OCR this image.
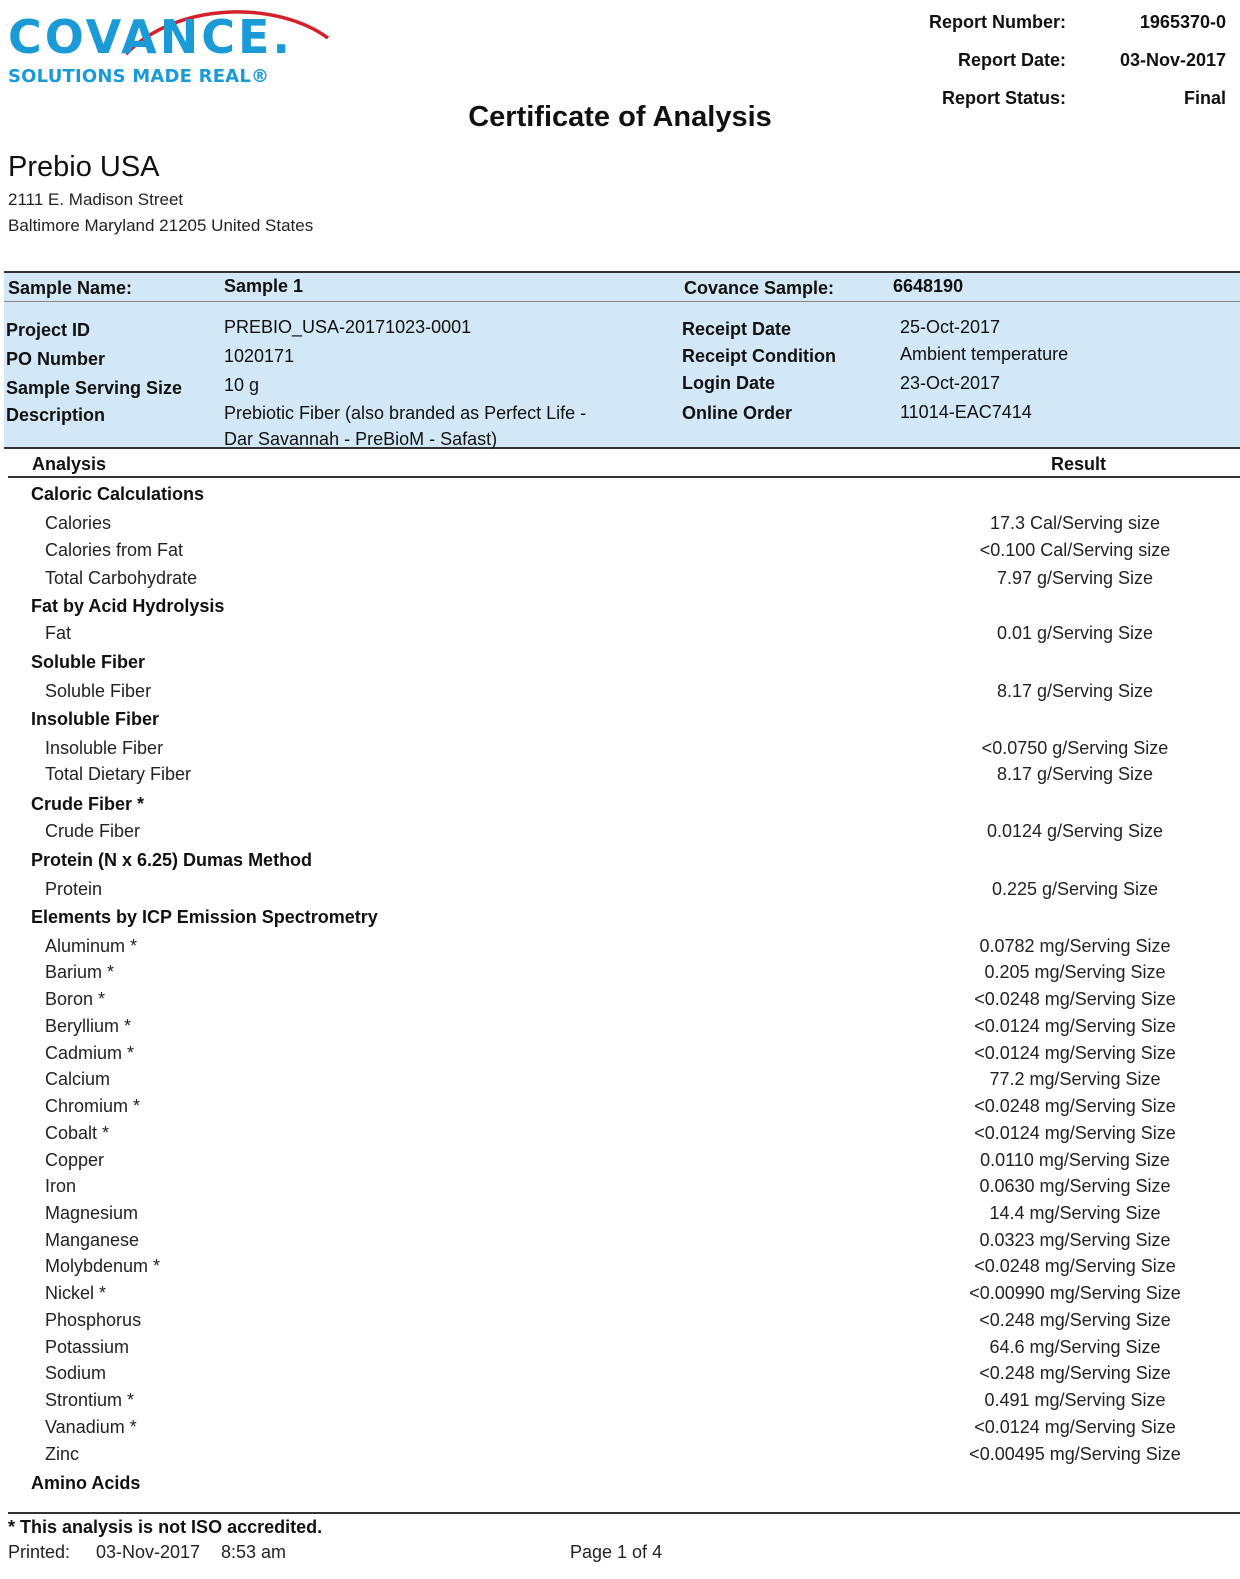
COVANCE.
SOLUTIONS MADE REAL®
Report Number:	1965370-0
Report Date:	03-Nov-2017
Report Status:	Final
Certificate of Analysis
Prebio USA
2111 E. Madison Street
Baltimore Maryland 21205 United States
Sample Name:	Sample 1	Covance Sample:	6648190
Project ID	PREBIO_USA-20171023-0001
PO Number	1020171
Sample Serving Size 10 g
Description	Prebiotic Fiber (also branded as Perfect Life -
Dar Savannah - PreBioM - Safast)
Receipt Date	25-Oct-2017
Receipt Condition	Ambient temperature
Login Date	23-Oct-2017
Online Order	11014-EAC7414
Analysis	Result
Caloric Calculations
Calories	17.3 Cal/Serving size
Calories from Fat	<0.100 Cal/Serving size
Total Carbohydrate	7.97 g/Serving Size
Fat by Acid Hydrolysis
Fat	0.01 g/Serving Size
Soluble Fiber
Soluble Fiber	8.17 g/Serving Size
Insoluble Fiber
Insoluble Fiber	<0.0750 g/Serving Size
Total Dietary Fiber	8.17 g/Serving Size
Crude Fiber *
Crude Fiber	0.0124 g/Serving Size
Protein (N x 6.25) Dumas Method
Protein	0.225 g/Serving Size
Elements by ICP Emission Spectrometry
Aluminum *	0.0782 mg/Serving Size
Barium *	0.205 mg/Serving Size
Boron *	<0.0248 mg/Serving Size
Beryllium *	<0.0124 mg/Serving Size
Cadmium *	<0.0124 mg/Serving Size
Calcium	77.2 mg/Serving Size
Chromium *	<0.0248 mg/Serving Size
Cobalt *	<0.0124 mg/Serving Size
Copper	0.0110 mg/Serving Size
Iron	0.0630 mg/Serving Size
Magnesium	14.4 mg/Serving Size
Manganese	0.0323 mg/Serving Size
Molybdenum *	<0.0248 mg/Serving Size
Nickel *	<0.00990 mg/Serving Size
Phosphorus	<0.248 mg/Serving Size
Potassium	64.6 mg/Serving Size
Sodium	<0.248 mg/Serving Size
Strontium *	0.491 mg/Serving Size
Vanadium *	<0.0124 mg/Serving Size
Zinc	<0.00495 mg/Serving Size
Amino Acids
* This analysis is not ISO accredited.
Printed: 03-Nov-2017 8:53 am	Page 1 of 4
